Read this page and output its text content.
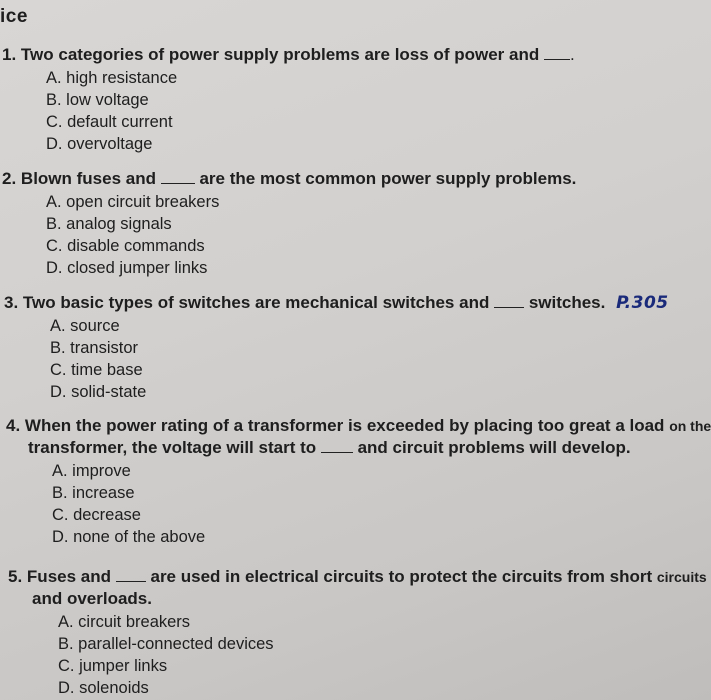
ice
1. Two categories of power supply problems are loss of power and .
A. high resistance
B. low voltage
C. default current
D. overvoltage
2. Blown fuses and	are the most common power supply problems.
A. open circuit breakers
B. analog signals
C. disable commands
D. closed jumper links
3. Two basic types of switches are mechanical switches and switches. P.305
A. source
B. transistor
C. time base
D. solid-state
4. When the power rating of a transformer is exceeded by placing too great a load on the
transformer, the voltage will start to and circuit problems will develop.
A. improve
B. increase
C. decrease
D. none of the above
5. Fuses and are used in electrical circuits to protect the circuits from short circuits
and overloads.
A. circuit breakers
B. parallel-connected devices
C. jumper links
D. solenoids
